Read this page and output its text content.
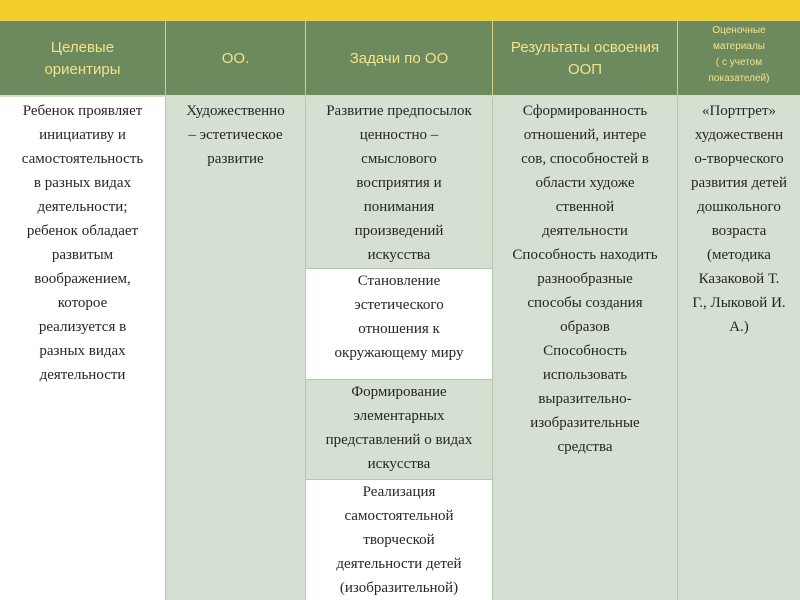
Целевые
ориентиры
ОО.	Задачи по ОО
Результаты освоения
ООП
Оценочные
материалы
( с учетом
показателей)
Ребенок проявляет
инициативу и
самостоятельность
в разных видах
деятельности;
ребенок обладает
развитым
воображением,
которое
реализуется в
разных видах
деятельности
Художественно
– эстетическое
развитие
Развитие предпосылок
ценностно –
смыслового
восприятия и
понимания
произведений
искусства
Становление
эстетического
отношения к
окружающему миру
Формирование
элементарных
представлений о видах
искусства
Реализация
самостоятельной
творческой
деятельности детей
(изобразительной)
Сформированность
отношений, интере
сов, способностей в
области художе
ственной
деятельности
Способность находить
разнообразные
способы создания
образов
Способность
использовать
выразительно-
изобразительные
средства
«Портгрет»
художественн
о-творческого
развития детей
дошкольного
возраста
(методика
Казаковой Т.
Г., Лыковой И.
А.)
